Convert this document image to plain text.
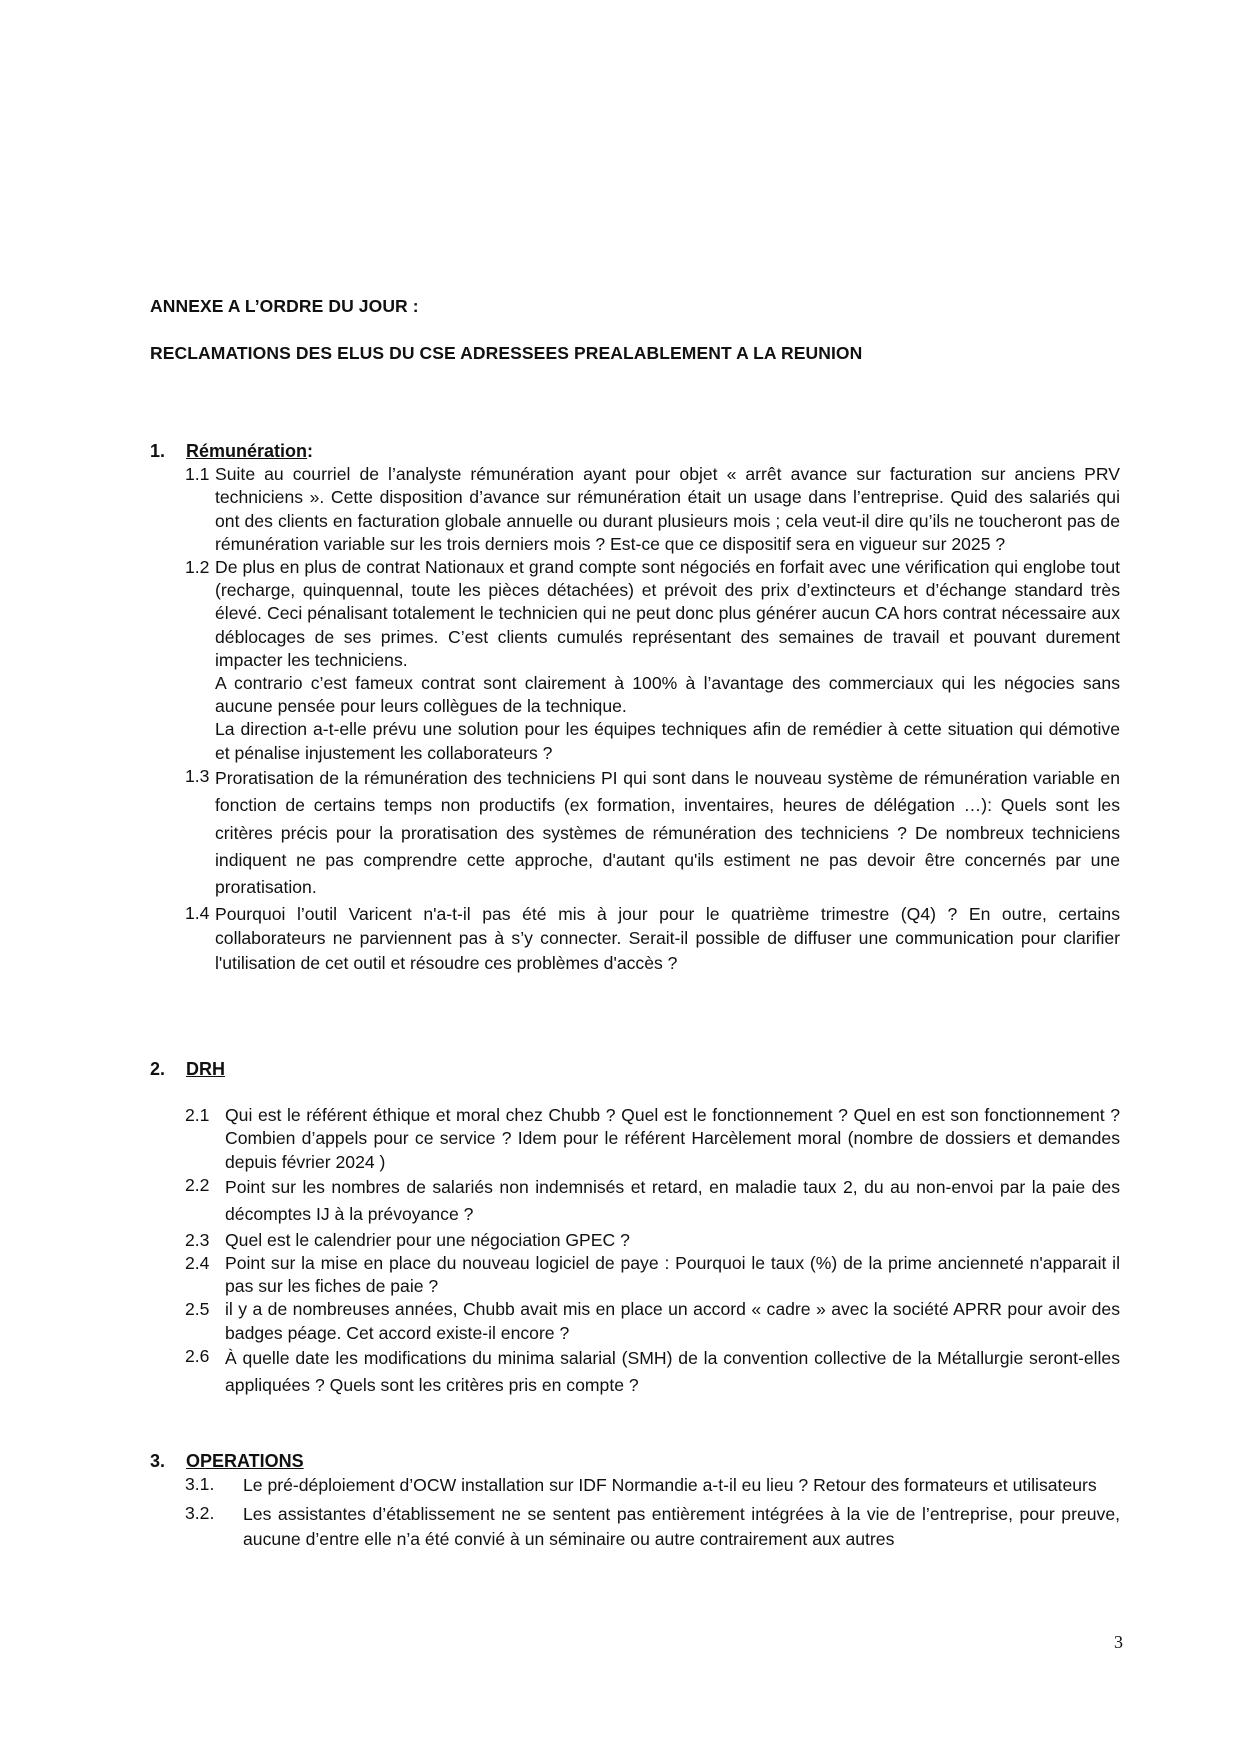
ANNEXE A L’ORDRE DU JOUR :
RECLAMATIONS DES ELUS DU CSE ADRESSEES PREALABLEMENT A LA REUNION
1.	Rémunération :
1.1 Suite au courriel de l’analyste rémunération ayant pour objet « arrêt avance sur facturation sur anciens PRV techniciens ». Cette disposition d’avance sur rémunération était un usage dans l’entreprise. Quid des salariés qui ont des clients en facturation globale annuelle ou durant plusieurs mois ; cela veut-il dire qu’ils ne toucheront pas de rémunération variable sur les trois derniers mois ? Est-ce que ce dispositif sera en vigueur sur 2025 ?

1.2 De plus en plus de contrat Nationaux et grand compte sont négociés en forfait avec une vérification qui englobe tout (recharge, quinquennal, toute les pièces détachées) et prévoit des prix d’extincteurs et d’échange standard très élevé. Ceci pénalisant totalement le technicien qui ne peut donc plus générer aucun CA hors contrat nécessaire aux déblocages de ses primes. C’est clients cumulés représentant des semaines de travail et pouvant durement impacter les techniciens.

A contrario c’est fameux contrat sont clairement à 100% à l’avantage des commerciaux qui les négocies sans aucune pensée pour leurs collègues de la technique.

La direction a-t-elle prévu une solution pour les équipes techniques afin de remédier à cette situation qui démotive et pénalise injustement les collaborateurs ?

1.3 Proratisation de la rémunération des techniciens PI qui sont dans le nouveau système de rémunération variable en fonction de certains temps non productifs (ex formation, inventaires, heures de délégation …): Quels sont les critères précis pour la proratisation des systèmes de rémunération des techniciens ? De nombreux techniciens indiquent ne pas comprendre cette approche, d'autant qu'ils estiment ne pas devoir être concernés par une proratisation.

1.4 Pourquoi l’outil Varicent n'a-t-il pas été mis à jour pour le quatrième trimestre (Q4) ? En outre, certains collaborateurs ne parviennent pas à s’y connecter. Serait-il possible de diffuser une communication pour clarifier l'utilisation de cet outil et résoudre ces problèmes d'accès ?

2.	DRH
2.1 Qui est le référent éthique et moral chez Chubb ? Quel est le fonctionnement ? Quel en est son fonctionnement ? Combien d’appels pour ce service ? Idem pour le référent Harcèlement moral (nombre de dossiers et demandes depuis février 2024 )

2.2 Point sur les nombres de salariés non indemnisés et retard, en maladie taux 2, du au non-envoi par la paie des décomptes IJ à la prévoyance ?

2.3 Quel est le calendrier pour une négociation GPEC ?

2.4 Point sur la mise en place du nouveau logiciel de paye : Pourquoi le taux (%) de la prime ancienneté n'apparait il pas sur les fiches de paie ?

2.5 il y a de nombreuses années, Chubb avait mis en place un accord « cadre » avec la société APRR pour avoir des badges péage. Cet accord existe-il encore ?

2.6 À quelle date les modifications du minima salarial (SMH) de la convention collective de la Métallurgie seront-elles appliquées ? Quels sont les critères pris en compte ?

3.	OPERATIONS
3.1.	Le pré-déploiement d’OCW installation sur IDF Normandie a-t-il eu lieu ? Retour des formateurs et utilisateurs

3.2.	Les assistantes d’établissement ne se sentent pas entièrement intégrées à la vie de l’entreprise, pour preuve, aucune d’entre elle n’a été convié à un séminaire ou autre contrairement aux autres

3
